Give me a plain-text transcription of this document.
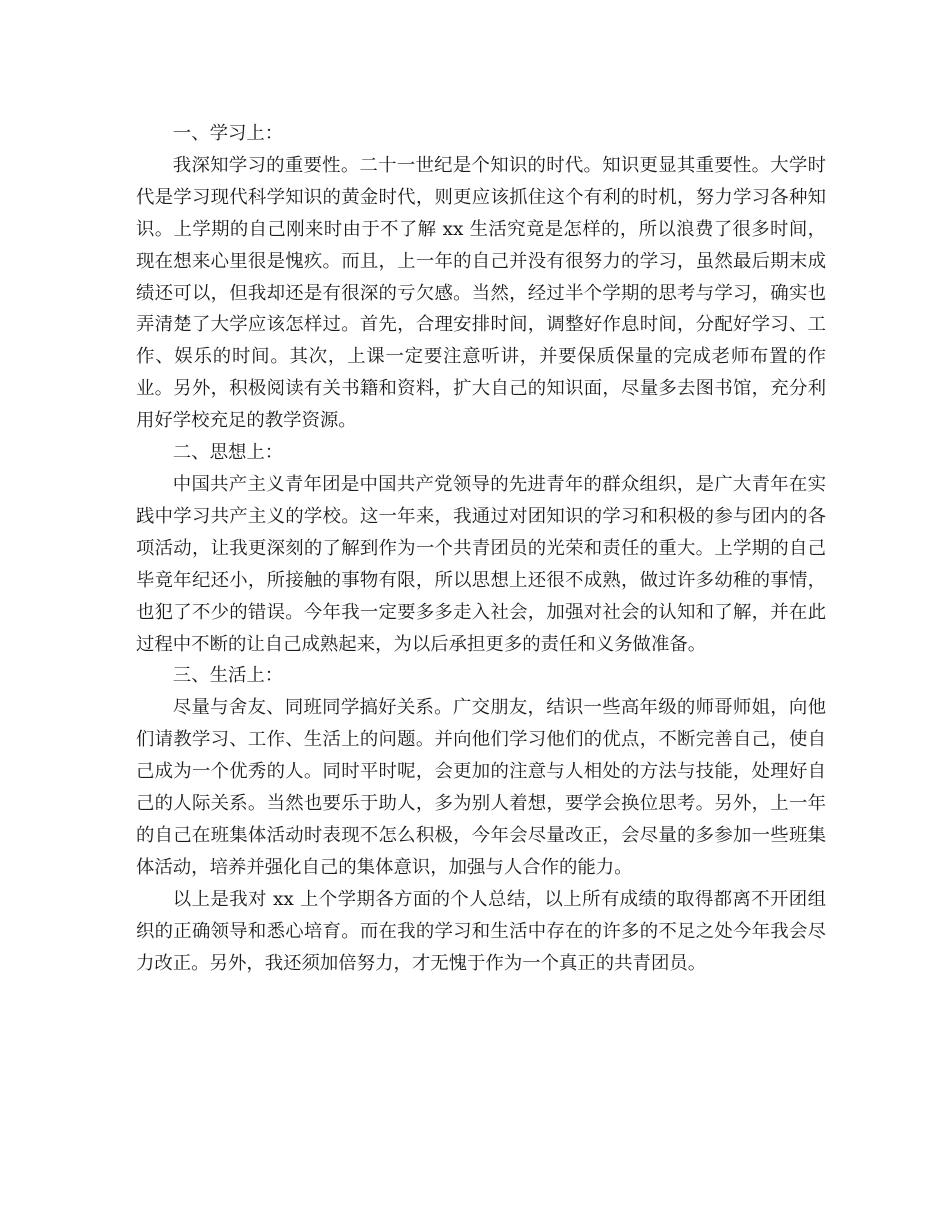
一、学习上：

我深知学习的重要性。二十一世纪是个知识的时代。知识更显其重要性。大学时代是学习现代科学知识的黄金时代，则更应该抓住这个有利的时机，努力学习各种知识。上学期的自己刚来时由于不了解 xx 生活究竟是怎样的，所以浪费了很多时间，现在想来心里很是愧疚。而且，上一年的自己并没有很努力的学习，虽然最后期末成绩还可以，但我却还是有很深的亏欠感。当然，经过半个学期的思考与学习，确实也弄清楚了大学应该怎样过。首先，合理安排时间，调整好作息时间，分配好学习、工作、娱乐的时间。其次，上课一定要注意听讲，并要保质保量的完成老师布置的作业。另外，积极阅读有关书籍和资料，扩大自己的知识面，尽量多去图书馆，充分利用好学校充足的教学资源。

二、思想上：

中国共产主义青年团是中国共产党领导的先进青年的群众组织，是广大青年在实践中学习共产主义的学校。这一年来，我通过对团知识的学习和积极的参与团内的各项活动，让我更深刻的了解到作为一个共青团员的光荣和责任的重大。上学期的自己毕竟年纪还小，所接触的事物有限，所以思想上还很不成熟，做过许多幼稚的事情，也犯了不少的错误。今年我一定要多多走入社会，加强对社会的认知和了解，并在此过程中不断的让自己成熟起来，为以后承担更多的责任和义务做准备。

三、生活上：

尽量与舍友、同班同学搞好关系。广交朋友，结识一些高年级的师哥师姐，向他们请教学习、工作、生活上的问题。并向他们学习他们的优点，不断完善自己，使自己成为一个优秀的人。同时平时呢，会更加的注意与人相处的方法与技能，处理好自己的人际关系。当然也要乐于助人，多为别人着想，要学会换位思考。另外，上一年的自己在班集体活动时表现不怎么积极，今年会尽量改正，会尽量的多参加一些班集体活动，培养并强化自己的集体意识，加强与人合作的能力。

以上是我对 xx 上个学期各方面的个人总结，以上所有成绩的取得都离不开团组织的正确领导和悉心培育。而在我的学习和生活中存在的许多的不足之处今年我会尽力改正。另外，我还须加倍努力，才无愧于作为一个真正的共青团员。
